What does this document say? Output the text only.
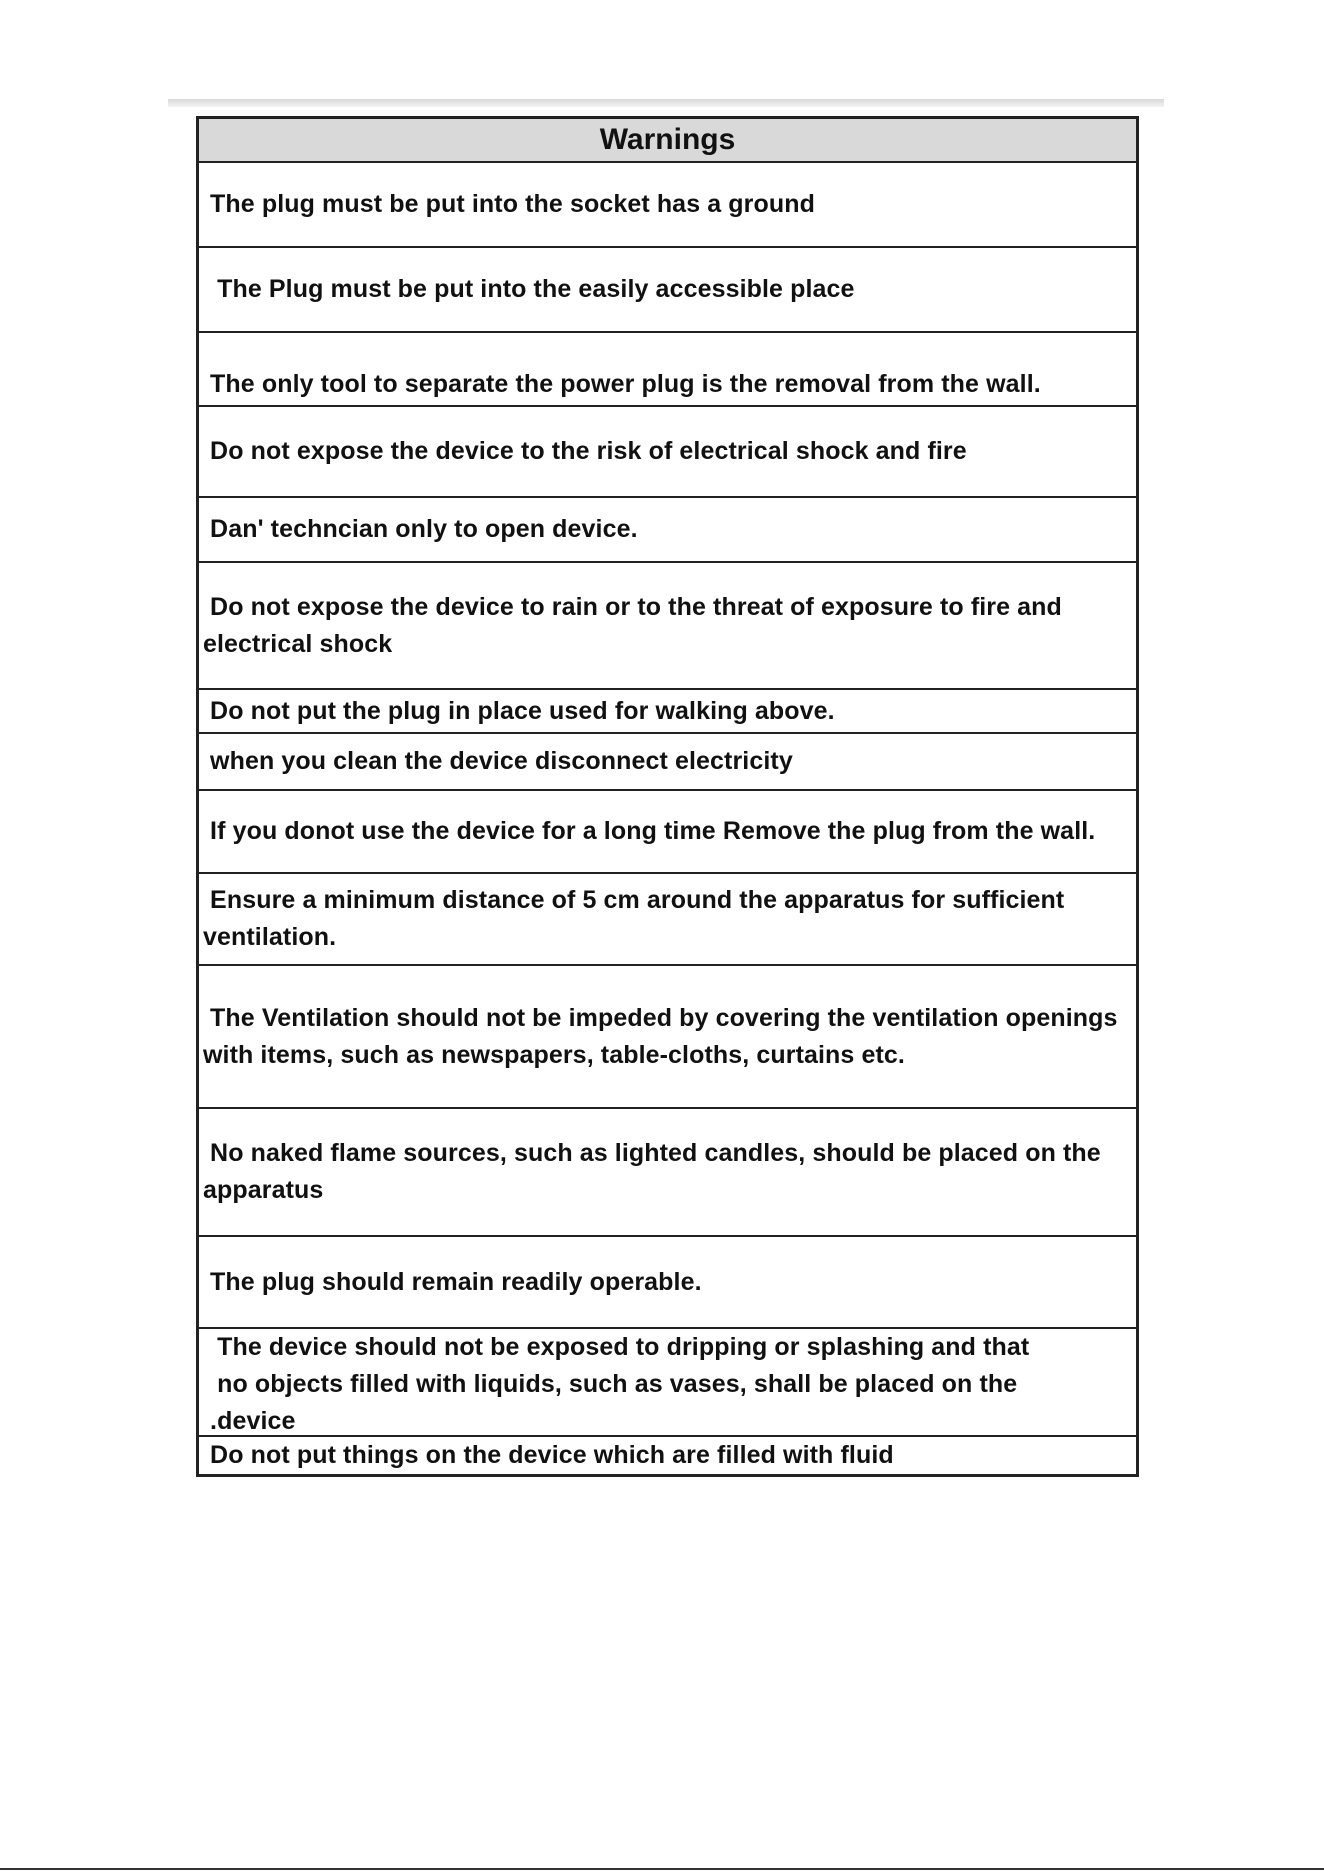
Warnings
The plug must be put into the socket has a ground
The Plug must be put into the easily accessible place
The only tool to separate the power plug is the removal from the wall.
Do not expose the device to the risk of electrical shock and fire
Dan' techncian only to open device.
Do not expose the device to rain or to the threat of exposure to fire and electrical shock
Do not put the plug in place used for walking above.
when you clean the device disconnect electricity
If you donot use the device for a long time Remove the plug from the wall.
Ensure a minimum distance of 5 cm around the apparatus for sufficient ventilation.
The Ventilation should not be impeded by covering the ventilation openings with items, such as newspapers, table-cloths, curtains etc.
No naked flame sources, such as lighted candles, should be placed on the apparatus
The plug should remain readily operable.
The device should not be exposed to dripping or splashing and that
no objects filled with liquids, such as vases, shall be placed on the
.device
Do not put things on the device which are filled with fluid
